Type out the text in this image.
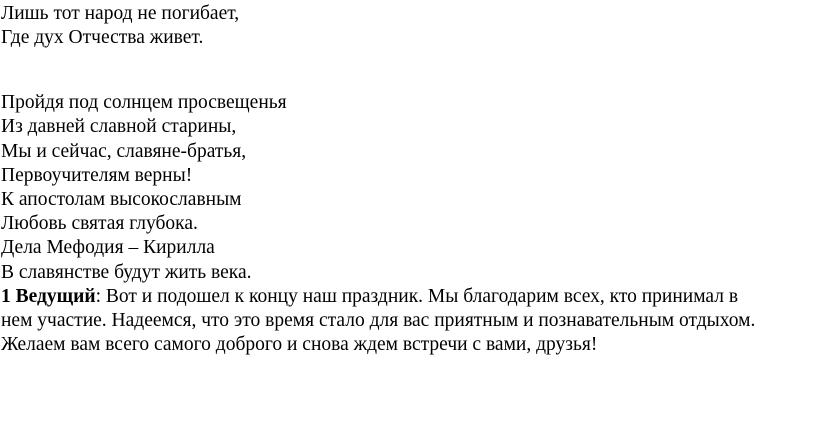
Лишь тот народ не погибает,
Где дух Отчества живет.
Пройдя под солнцем просвещенья
Из давней славной старины,
Мы и сейчас, славяне-братья,
Первоучителям верны!
К апостолам высокославным
Любовь святая глубока.
Дела Мефодия – Кирилла
В славянстве будут жить века.
1 Ведущий: Вот и подошел к концу наш праздник. Мы благодарим всех, кто принимал в
нем участие. Надеемся, что это время стало для вас приятным и познавательным отдыхом.
Желаем вам всего самого доброго и снова ждем встречи с вами, друзья!
